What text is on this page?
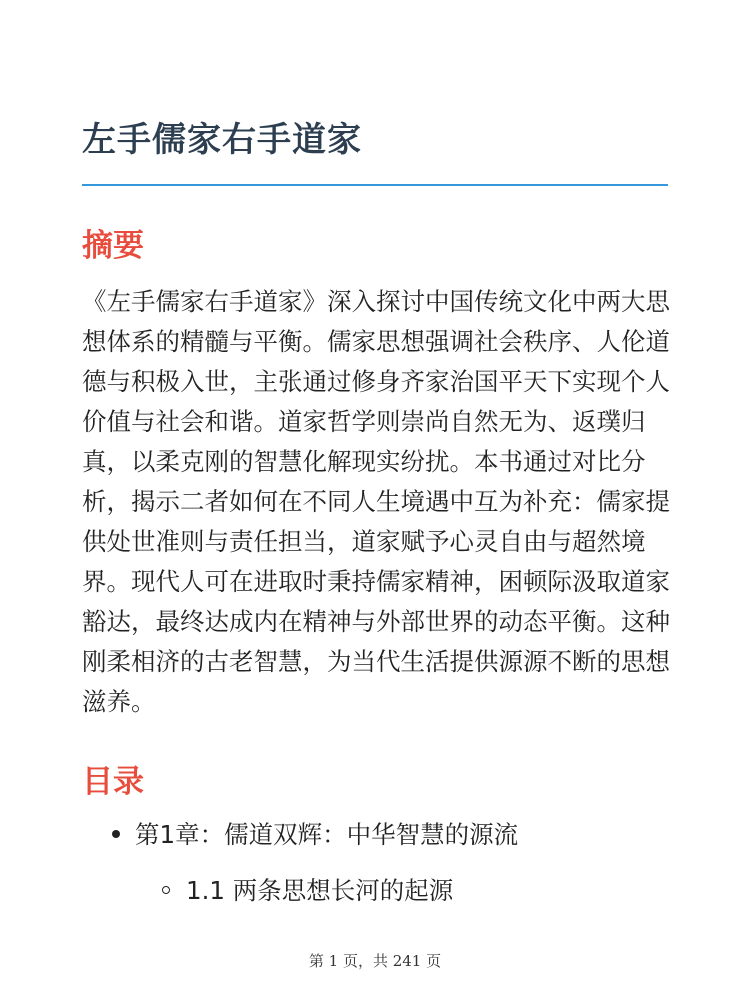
左手儒家右手道家
摘要

《左手儒家右手道家》深入探讨中国传统文化中两大思想体系的精髓与平衡。儒家思想强调社会秩序、人伦道德与积极入世，主张通过修身齐家治国平天下实现个人价值与社会和谐。道家哲学则崇尚自然无为、返璞归真，以柔克刚的智慧化解现实纷扰。本书通过对比分析，揭示二者如何在不同人生境遇中互为补充：儒家提供处世准则与责任担当，道家赋予心灵自由与超然境界。现代人可在进取时秉持儒家精神，困顿际汲取道家豁达，最终达成内在精神与外部世界的动态平衡。这种刚柔相济的古老智慧，为当代生活提供源源不断的思想滋养。

目录
第1章：儒道双辉：中华智慧的源流
1.1 两条思想长河的起源
第 1 页，共 241 页
